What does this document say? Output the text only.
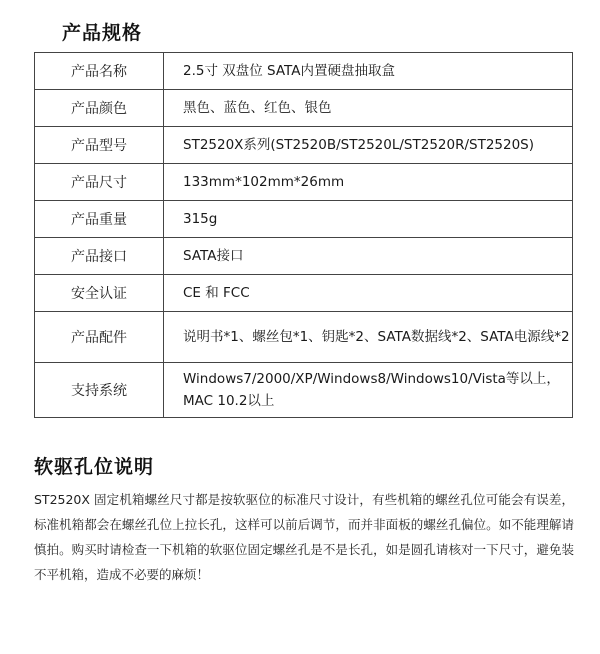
产品规格
产品名称	2.5寸 双盘位 SATA内置硬盘抽取盒
产品颜色	黑色、蓝色、红色、银色
产品型号	ST2520X系列(ST2520B/ST2520L/ST2520R/ST2520S)
产品尺寸	133mm*102mm*26mm
产品重量	315g
产品接口	SATA接口
安全认证	CE 和 FCC
产品配件	说明书*1、螺丝包*1、钥匙*2、SATA数据线*2、SATA电源线*2
支持系统	Windows7/2000/XP/Windows8/Windows10/Vista等以上，MAC 10.2以上
软驱孔位说明
ST2520X 固定机箱螺丝尺寸都是按软驱位的标准尺寸设计，有些机箱的螺丝孔位可能会有误差，标准机箱都会在螺丝孔位上拉长孔，这样可以前后调节，而并非面板的螺丝孔偏位。如不能理解请慎拍。购买时请检查一下机箱的软驱位固定螺丝孔是不是长孔，如是圆孔请核对一下尺寸，避免装不平机箱，造成不必要的麻烦！
